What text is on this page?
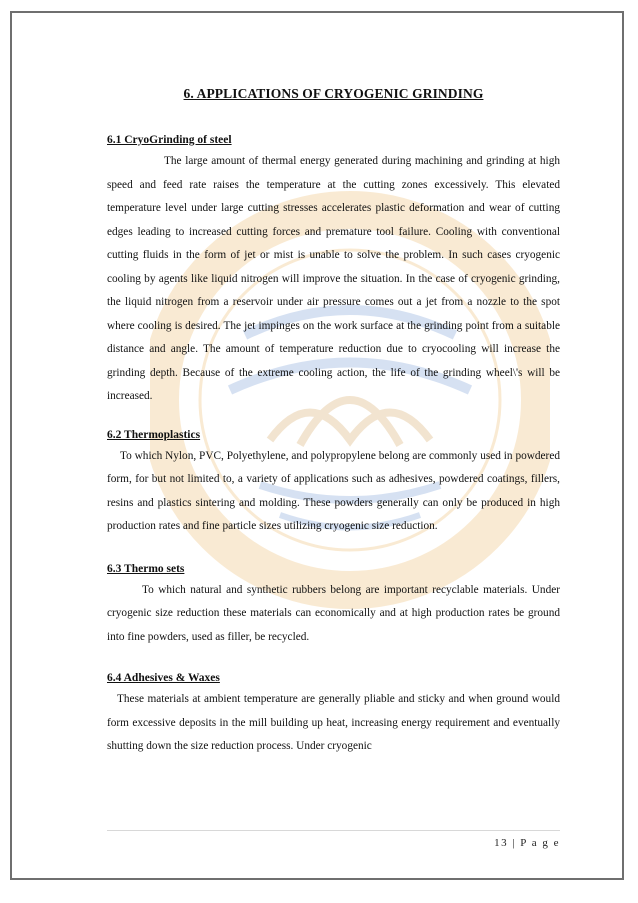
6. APPLICATIONS OF CRYOGENIC GRINDING

6.1 CryoGrinding of steel

The large amount of thermal energy generated during machining and grinding at high speed and feed rate raises the temperature at the cutting zones excessively. This elevated temperature level under large cutting stresses accelerates plastic deformation and wear of cutting edges leading to increased cutting forces and premature tool failure. Cooling with conventional cutting fluids in the form of jet or mist is unable to solve the problem. In such cases cryogenic cooling by agents like liquid nitrogen will improve the situation. In the case of cryogenic grinding, the liquid nitrogen from a reservoir under air pressure comes out a jet from a nozzle to the spot where cooling is desired. The jet impinges on the work surface at the grinding point from a suitable distance and angle. The amount of temperature reduction due to cryocooling will increase the grinding depth. Because of the extreme cooling action, the life of the grinding wheel\'s will be increased.

6.2 Thermoplastics

To which Nylon, PVC, Polyethylene, and polypropylene belong are commonly used in powdered form, for but not limited to, a variety of applications such as adhesives, powdered coatings, fillers, resins and plastics sintering and molding. These powders generally can only be produced in high production rates and fine particle sizes utilizing cryogenic size reduction.

6.3 Thermo sets

To which natural and synthetic rubbers belong are important recyclable materials. Under cryogenic size reduction these materials can economically and at high production rates be ground into fine powders, used as filler, be recycled.

6.4 Adhesives & Waxes

These materials at ambient temperature are generally pliable and sticky and when ground would form excessive deposits in the mill building up heat, increasing energy requirement and eventually shutting down the size reduction process. Under cryogenic

13 | P a g e
